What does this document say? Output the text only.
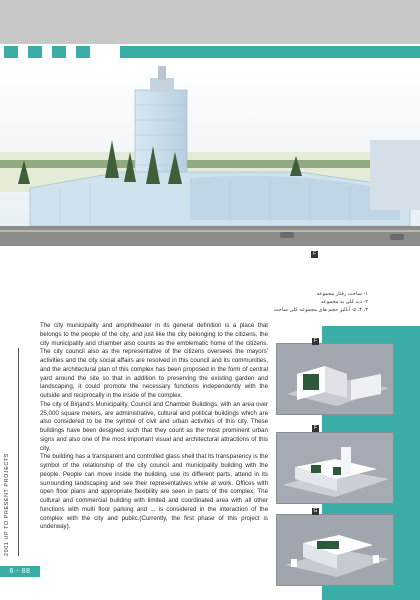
F
۱- ساخت رفتار مجموعه
۲- دید کلی به مجموعه
۳، ۴، ۵- آنالیز حجم های مجموعه کلی ساخت

The city municipality and amphitheater in its general definition is a place that belongs to the people of the city, and just like the city belonging to the citizens, the city municipality and chamber also counts as the emblematic home of the citizens. The city council also as the representative of the citizens oversees the mayors' activities and the city social affairs are resolved in this council and its communities, and the architectural plan of this complex has been proposed in the form of central yard around the site so that in addition to preserving the existing garden and landscaping, it could promote the necessary functions independently with the outside and reciprocally in the inside of the complex.

The city of Birjand's Municipality, Council and Chamber Buildings, with an area over 25,000 square meters, are administrative, cultural and political buildings which are also considered to be the symbol of civil and urban activities of this city. These buildings have been designed such that they count as the most prominent urban signs and also one of the most important visual and architectural attractions of this city.

The building has a transparent and controlled glass shell that its transparency is the symbol of the relationship of the city council and municipality building with the people. People can move inside the building, use its different parts, attend in its surrounding landscaping and see their representatives while at work. Offices with open floor plans and appropriate flexibility are seen in parts of the complex. The cultural and commercial building with limited and coordinated area with all other functions with multi floor parking and ... is considered in the interaction of the complex with the city and public.(Currently, the first phase of this project is underway).

F
F
G
2001 UP TO PRESENT PROJECTS
6 - 88
